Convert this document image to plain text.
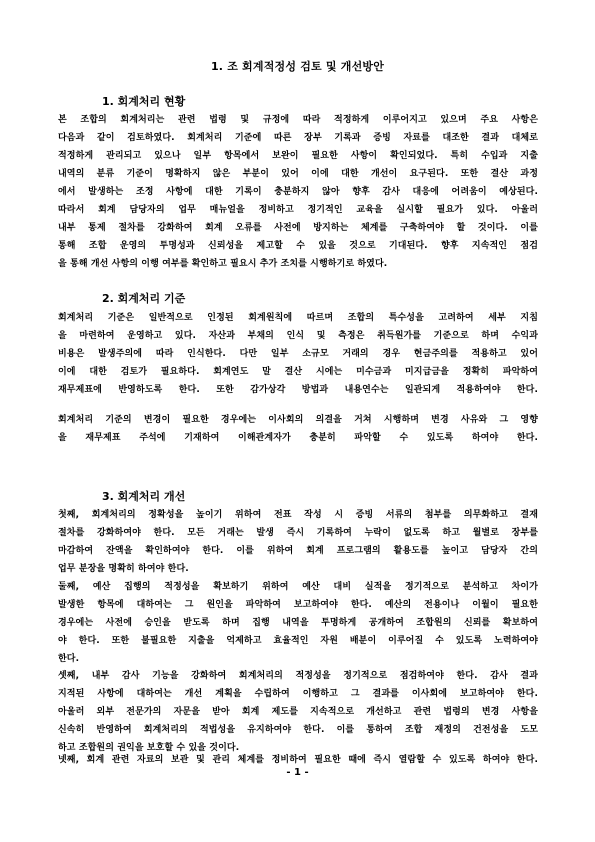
1. 조 회계적정성 검토 및 개선방안
1. 회계처리 현황
본 조합의 회계처리는 관련 법령 및 규정에 따라 적정하게 이루어지고 있으며 주요 사항은
다음과 같이 검토하였다. 회계처리 기준에 따른 장부 기록과 증빙 자료를 대조한 결과 대체로
적정하게 관리되고 있으나 일부 항목에서 보완이 필요한 사항이 확인되었다. 특히 수입과 지출
내역의 분류 기준이 명확하지 않은 부분이 있어 이에 대한 개선이 요구된다. 또한 결산 과정
에서 발생하는 조정 사항에 대한 기록이 충분하지 않아 향후 감사 대응에 어려움이 예상된다.
따라서 회계 담당자의 업무 매뉴얼을 정비하고 정기적인 교육을 실시할 필요가 있다. 아울러
내부 통제 절차를 강화하여 회계 오류를 사전에 방지하는 체계를 구축하여야 할 것이다. 이를
통해 조합 운영의 투명성과 신뢰성을 제고할 수 있을 것으로 기대된다. 향후 지속적인 점검
을 통해 개선 사항의 이행 여부를 확인하고 필요시 추가 조치를 시행하기로 하였다.
2. 회계처리 기준
회계처리 기준은 일반적으로 인정된 회계원칙에 따르며 조합의 특수성을 고려하여 세부 지침
을 마련하여 운영하고 있다. 자산과 부채의 인식 및 측정은 취득원가를 기준으로 하며 수익과
비용은 발생주의에 따라 인식한다. 다만 일부 소규모 거래의 경우 현금주의를 적용하고 있어
이에 대한 검토가 필요하다. 회계연도 말 결산 시에는 미수금과 미지급금을 정확히 파악하여
재무제표에 반영하도록 한다. 또한 감가상각 방법과 내용연수는 일관되게 적용하여야 한다.
회계처리 기준의 변경이 필요한 경우에는 이사회의 의결을 거쳐 시행하며 변경 사유와 그 영향
을 재무제표 주석에 기재하여 이해관계자가 충분히 파악할 수 있도록 하여야 한다.
3. 회계처리 개선
첫째, 회계처리의 정확성을 높이기 위하여 전표 작성 시 증빙 서류의 첨부를 의무화하고 결재
절차를 강화하여야 한다. 모든 거래는 발생 즉시 기록하여 누락이 없도록 하고 월별로 장부를
마감하여 잔액을 확인하여야 한다. 이를 위하여 회계 프로그램의 활용도를 높이고 담당자 간의
업무 분장을 명확히 하여야 한다.
둘째, 예산 집행의 적정성을 확보하기 위하여 예산 대비 실적을 정기적으로 분석하고 차이가
발생한 항목에 대하여는 그 원인을 파악하여 보고하여야 한다. 예산의 전용이나 이월이 필요한
경우에는 사전에 승인을 받도록 하며 집행 내역을 투명하게 공개하여 조합원의 신뢰를 확보하여
야 한다. 또한 불필요한 지출을 억제하고 효율적인 자원 배분이 이루어질 수 있도록 노력하여야
한다.
셋째, 내부 감사 기능을 강화하여 회계처리의 적정성을 정기적으로 점검하여야 한다. 감사 결과
지적된 사항에 대하여는 개선 계획을 수립하여 이행하고 그 결과를 이사회에 보고하여야 한다.
아울러 외부 전문가의 자문을 받아 회계 제도를 지속적으로 개선하고 관련 법령의 변경 사항을
신속히 반영하여 회계처리의 적법성을 유지하여야 한다. 이를 통하여 조합 재정의 건전성을 도모
하고 조합원의 권익을 보호할 수 있을 것이다.
넷째, 회계 관련 자료의 보관 및 관리 체계를 정비하여 필요한 때에 즉시 열람할 수 있도록 하여야 한다.
- 1 -
